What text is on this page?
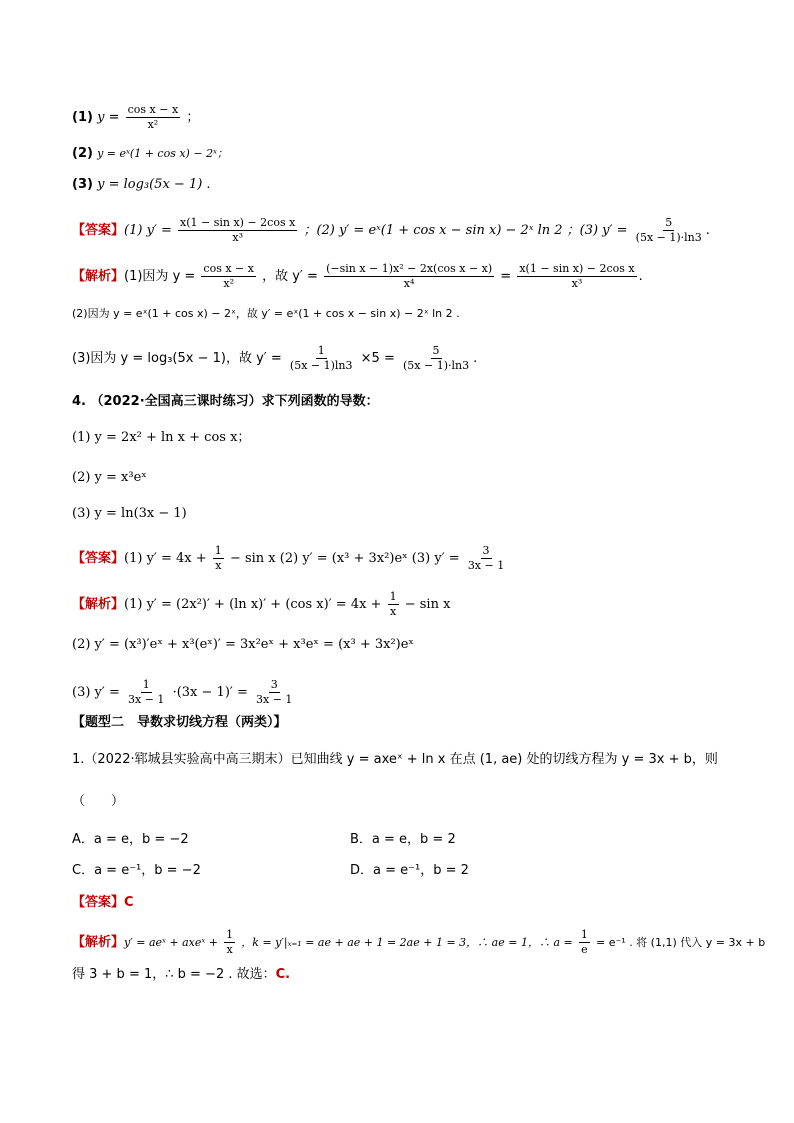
(1) $y = \frac{\text{cos x − x}}{\text{x²}}$ ；
(2) y = eˣ(1 + cos x) − 2ˣ；
(3) y = log₃(5x − 1) .
【答案】(1) $y' = \frac{\text{x(1 − sin x) − 2cos x}}{\text{x³}}$ ；(2) y′ = eˣ(1 + cos x − sin x) − 2ˣ ln 2 ；(3) $y' = \frac{5}{(5x - 1)\cdot\ln 3}$ .
【解析】(1)因为 $y = \frac{\text{cos x − x}}{\text{x²}}$ ，故 $y' = \frac{\text{(−sin x − 1)x² − 2x(cos x − x)}}{\text{x⁴}} = \frac{\text{x(1 − sin x) − 2cos x}}{\text{x³}}$ .
(2)因为 y = eˣ(1 + cos x) − 2ˣ，故 y′ = eˣ(1 + cos x − sin x) − 2ˣ ln 2 .
(3)因为 y = log₃(5x − 1)，故 $y' = \frac{1}{(5x - 1)\ln 3} \times 5 = \frac{5}{(5x - 1)\cdot\ln 3}$ .
4. （2022·全国高三课时练习）求下列函数的导数：
(1) y = 2x² + ln x + cos x；
(2) y = x³eˣ
(3) y = ln(3x − 1)
【答案】(1) $y' = 4x + \frac{1}{x} - \sin x$ (2) y′ = (x³ + 3x²)eˣ (3) $y' = \frac{3}{3x - 1}$
【解析】(1) y′ = (2x²)′ + (ln x)′ + (cos $x)' = 4x + \frac{1}{x} - \sin x$
(2) y′ = (x³)′eˣ + x³(eˣ)′ = 3x²eˣ + x³eˣ = (x³ + 3x²)eˣ
(3) $y' = \frac{1}{3x - 1} \cdot(3x - 1)' = \frac{3}{3x - 1}$
【题型二　导数求切线方程（两类）】
1.（2022·郓城县实验高中高三期末）已知曲线 y = axeˣ + ln x 在点 (1, ae) 处的切线方程为 y = 3x + b，则
（　　）
A．a = e，b = −2	B．a = e，b = 2
C．a = e⁻¹，b = −2	D．a = e⁻¹，b = 2
【答案】C
【解析】y′ = aeˣ + axeˣ + $\frac{1}{x}$ ，k = y′|ₓ₌₁ = ae + ae + 1 = 2ae + 1 = 3，∴ ae = 1，∴ $a = \frac{1}{e} = e^{-1}$ . 将 (1,1) 代入 y = 3x + b
得 3 + b = 1，∴ b = −2 . 故选：C.
